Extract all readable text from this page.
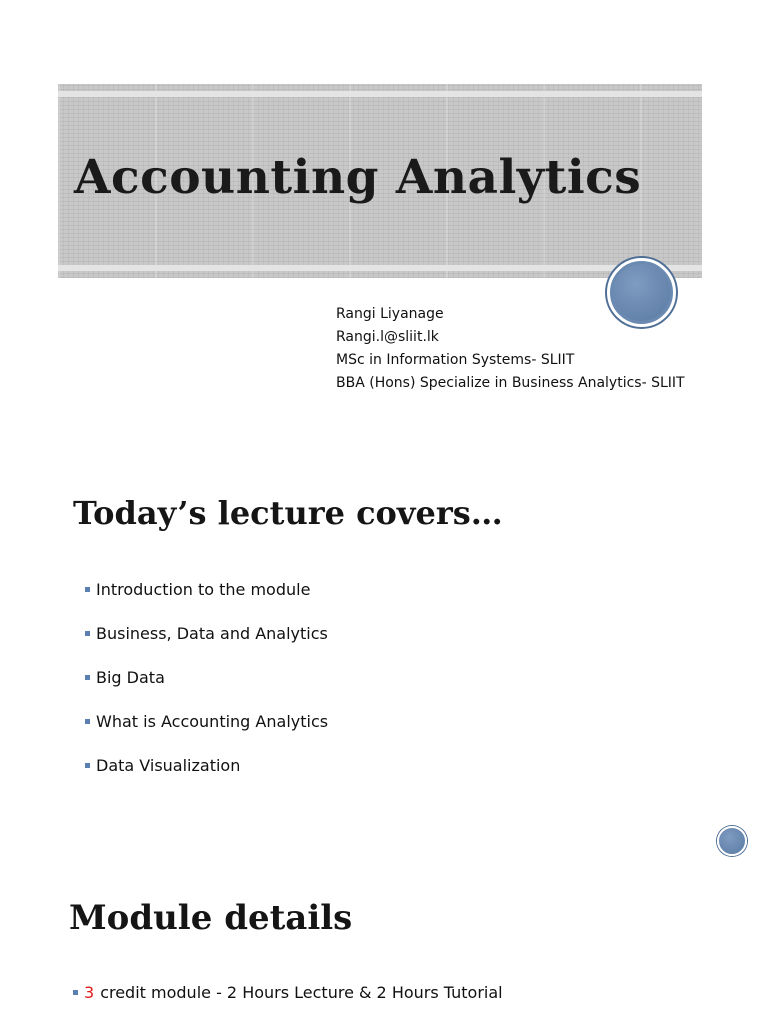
Accounting Analytics
Rangi Liyanage
Rangi.l@sliit.lk
MSc in Information Systems- SLIIT
BBA (Hons) Specialize in Business Analytics- SLIIT
Today’s lecture covers…
Introduction to the module
Business, Data and Analytics
Big Data
What is Accounting Analytics
Data Visualization
Module details
3 credit module - 2 Hours Lecture & 2 Hours Tutorial
